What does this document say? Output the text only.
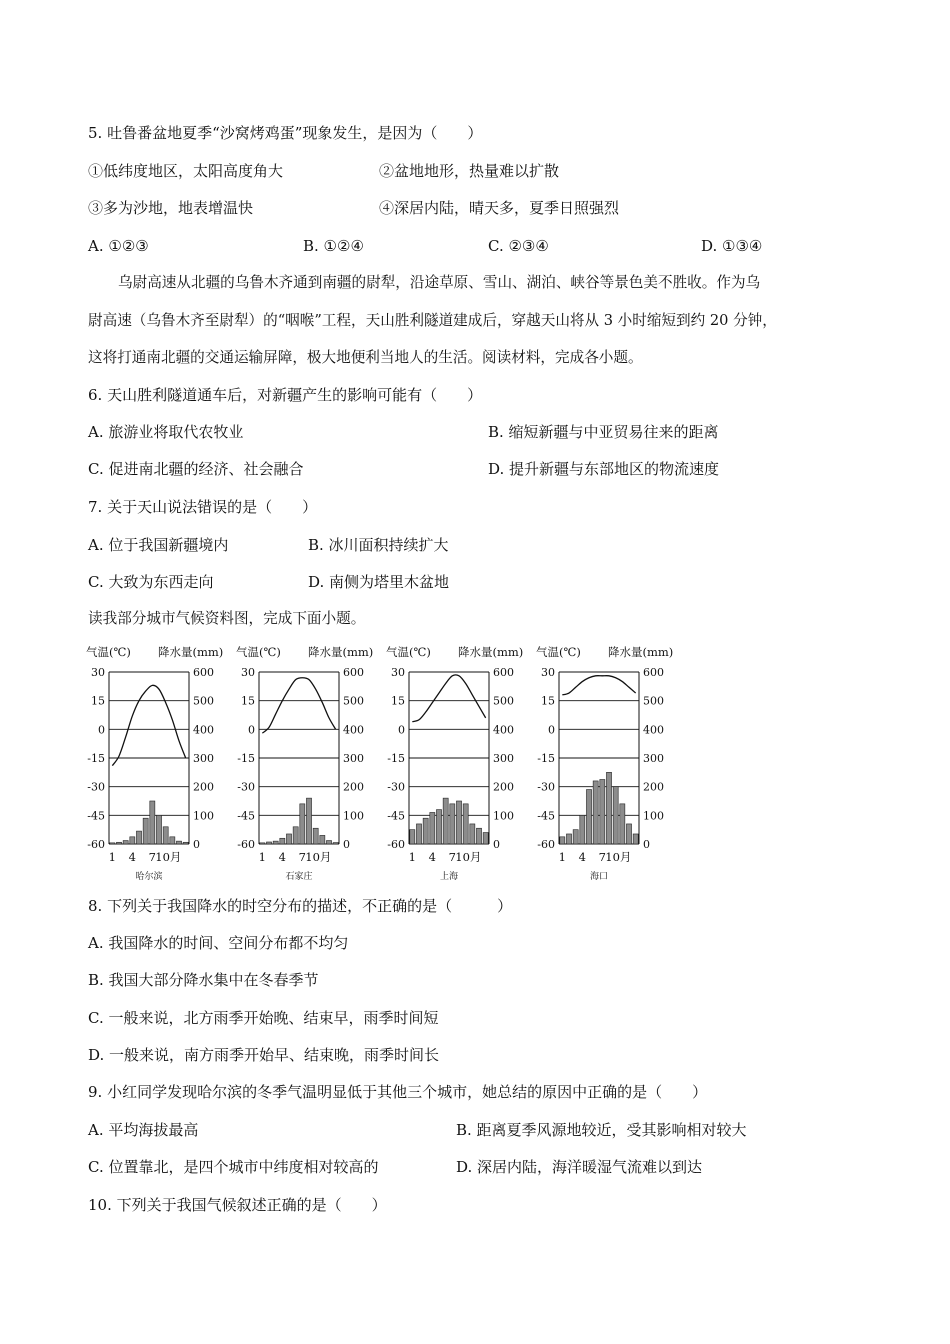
5. 吐鲁番盆地夏季“沙窝烤鸡蛋”现象发生，是因为（　　）
①低纬度地区，太阳高度角大	②盆地地形，热量难以扩散
③多为沙地，地表增温快	④深居内陆，晴天多，夏季日照强烈
A. ①②③	B. ①②④	C. ②③④	D. ①③④
乌尉高速从北疆的乌鲁木齐通到南疆的尉犁，沿途草原、雪山、湖泊、峡谷等景色美不胜收。作为乌
尉高速（乌鲁木齐至尉犁）的“咽喉”工程，天山胜利隧道建成后，穿越天山将从 3 小时缩短到约 20 分钟，
这将打通南北疆的交通运输屏障，极大地便利当地人的生活。阅读材料，完成各小题。
6. 天山胜利隧道通车后，对新疆产生的影响可能有（　　）
A. 旅游业将取代农牧业	B. 缩短新疆与中亚贸易往来的距离
C. 促进南北疆的经济、社会融合	D. 提升新疆与东部地区的物流速度
7. 关于天山说法错误的是（　　）
A. 位于我国新疆境内	B. 冰川面积持续扩大
C. 大致为东西走向	D. 南侧为塔里木盆地
读我部分城市气候资料图，完成下面小题。
气温(℃) 降水量(mm)
30
15
0
-15
-30
-45
-60
600
500
400
300
200
100
0
1 4 7 10月
哈尔滨
气温(℃) 降水量(mm)
30
15
0
-15
-30
-45
-60
600
500
400
300
200
100
0
1 4 7 10月
石家庄
气温(℃) 降水量(mm)
30
15
0
-15
-30
-45
-60
600
500
400
300
200
100
0
1 4 7 10月
上海
气温(℃) 降水量(mm)
30
15
0
-15
-30
-45
-60
600
500
400
300
200
100
0
1 4 7 10月
海口
8. 下列关于我国降水的时空分布的描述，不正确的是（　　　）
A. 我国降水的时间、空间分布都不均匀
B. 我国大部分降水集中在冬春季节
C. 一般来说，北方雨季开始晚、结束早，雨季时间短
D. 一般来说，南方雨季开始早、结束晚，雨季时间长
9. 小红同学发现哈尔滨的冬季气温明显低于其他三个城市，她总结的原因中正确的是（　　）
A. 平均海拔最高	B. 距离夏季风源地较近，受其影响相对较大
C. 位置靠北，是四个城市中纬度相对较高的	D. 深居内陆，海洋暖湿气流难以到达
10. 下列关于我国气候叙述正确的是（　　）
